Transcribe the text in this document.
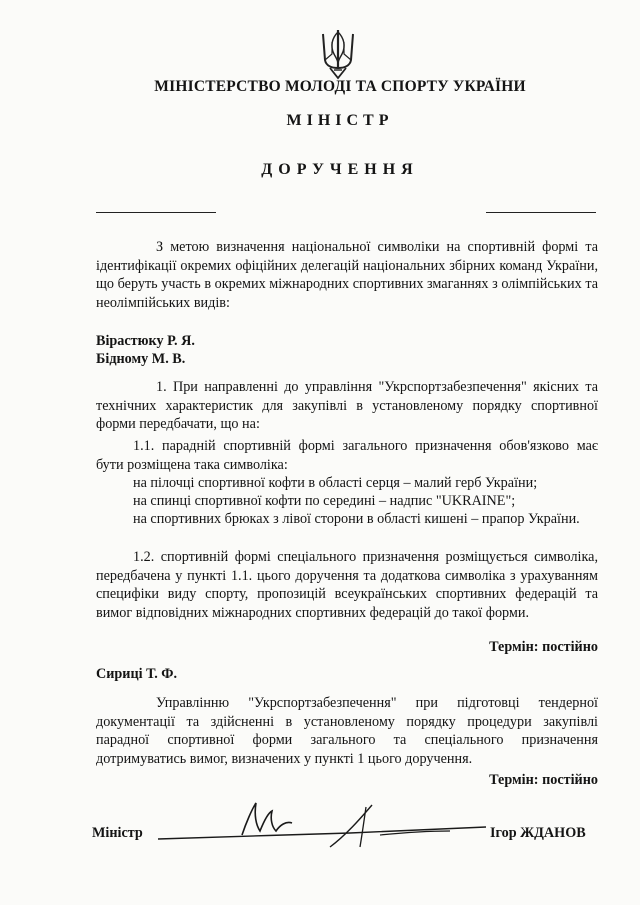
МІНІСТЕРСТВО МОЛОДІ ТА СПОРТУ УКРАЇНИ
МІНІСТР
ДОРУЧЕННЯ
З метою визначення національної символіки на спортивній формі та ідентифікації окремих офіційних делегацій національних збірних команд України, що беруть участь в окремих міжнародних спортивних змаганнях з олімпійських та неолімпійських видів:
Вірастюку Р. Я.
Бідному М. В.
1. При направленні до управління "Укрспортзабезпечення" якісних та технічних характеристик для закупівлі в установленому порядку спортивної форми передбачати, що на:
1.1. парадній спортивній формі загального призначення обов'язково має бути розміщена така символіка:
на пілочці спортивної кофти в області серця – малий герб України;
на спинці спортивної кофти по середині – надпис "UKRAINE";
на спортивних брюках з лівої сторони в області кишені – прапор України.
1.2. спортивній формі спеціального призначення розміщується символіка, передбачена у пункті 1.1. цього доручення та додаткова символіка з урахуванням специфіки виду спорту, пропозицій всеукраїнських спортивних федерацій та вимог відповідних міжнародних спортивних федерацій до такої форми.
Термін: постійно
Сириці Т. Ф.
Управлінню "Укрспортзабезпечення" при підготовці тендерної документації та здійсненні в установленому порядку процедури закупівлі парадної спортивної форми загального та спеціального призначення дотримуватись вимог, визначених у пункті 1 цього доручення.
Термін: постійно
Міністр	Ігор ЖДАНОВ
